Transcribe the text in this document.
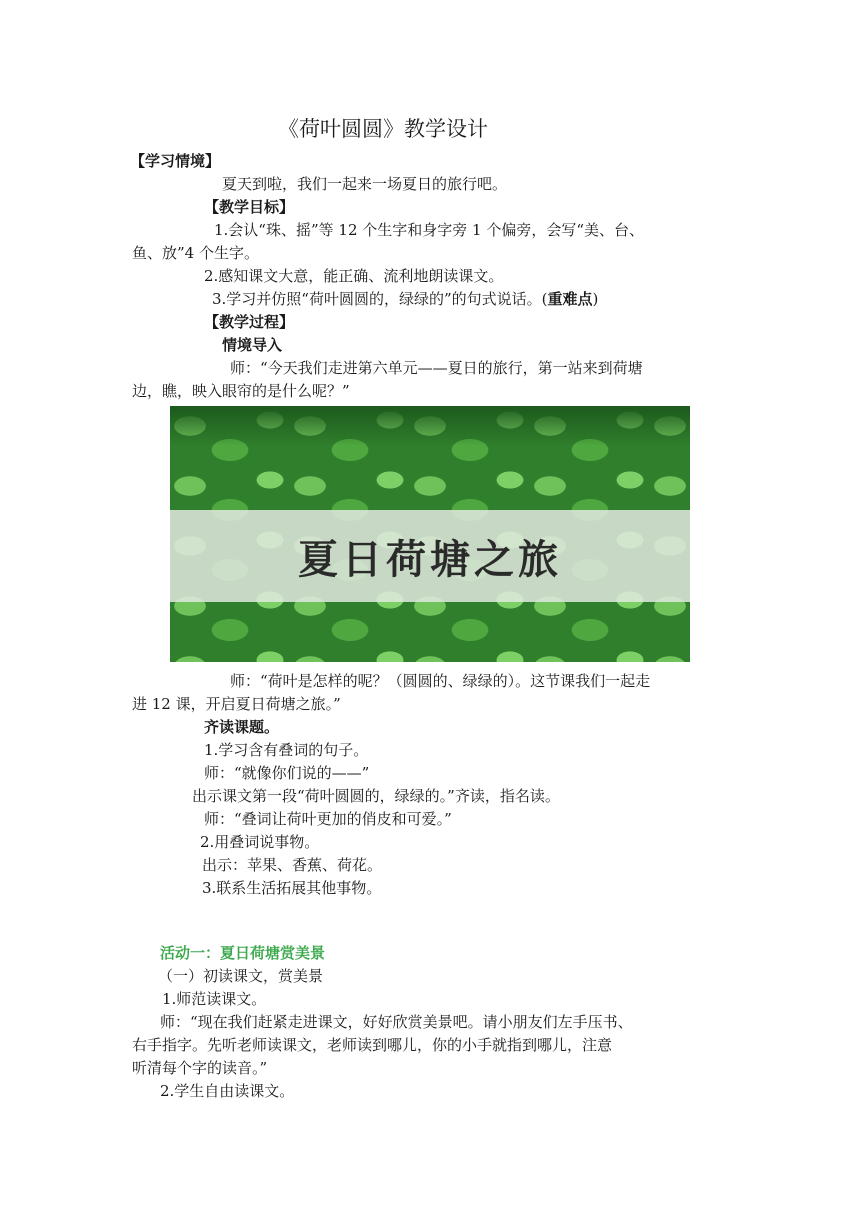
《荷叶圆圆》教学设计
【学习情境】
夏天到啦，我们一起来一场夏日的旅行吧。
【教学目标】
1.会认“珠、摇”等 12 个生字和身字旁 1 个偏旁，会写“美、台、
鱼、放”4 个生字。
2.感知课文大意，能正确、流利地朗读课文。
3.学习并仿照“荷叶圆圆的，绿绿的”的句式说话。(重难点)
【教学过程】
情境导入
师：“今天我们走进第六单元——夏日的旅行，第一站来到荷塘
边，瞧，映入眼帘的是什么呢？”
夏日荷塘之旅
师：“荷叶是怎样的呢？（圆圆的、绿绿的）。这节课我们一起走
进 12 课，开启夏日荷塘之旅。”
齐读课题。
1.学习含有叠词的句子。
师：“就像你们说的——”
出示课文第一段“荷叶圆圆的，绿绿的。”齐读，指名读。
师：“叠词让荷叶更加的俏皮和可爱。”
2.用叠词说事物。
出示：苹果、香蕉、荷花。
3.联系生活拓展其他事物。
活动一：夏日荷塘赏美景
（一）初读课文，赏美景
1.师范读课文。
师：“现在我们赶紧走进课文，好好欣赏美景吧。请小朋友们左手压书、
右手指字。先听老师读课文，老师读到哪儿，你的小手就指到哪儿，注意
听清每个字的读音。”
2.学生自由读课文。
